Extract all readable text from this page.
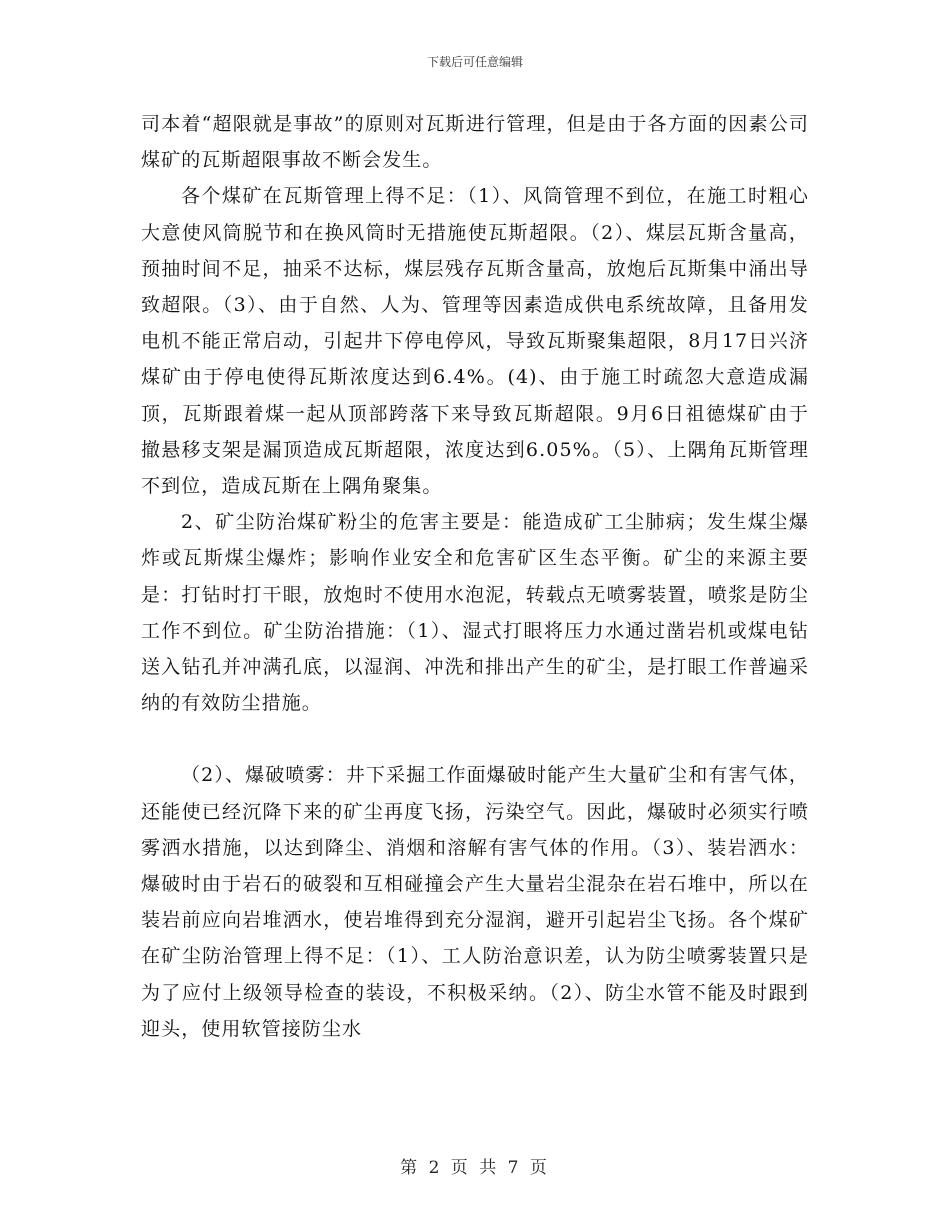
下载后可任意编辑

司本着“超限就是事故”的原则对瓦斯进行管理，但是由于各方面的因素公司煤矿的瓦斯超限事故不断会发生。

各个煤矿在瓦斯管理上得不足：（1）、风筒管理不到位，在施工时粗心大意使风筒脱节和在换风筒时无措施使瓦斯超限。（2）、煤层瓦斯含量高，预抽时间不足，抽采不达标，煤层残存瓦斯含量高，放炮后瓦斯集中涌出导致超限。（3）、由于自然、人为、管理等因素造成供电系统故障，且备用发电机不能正常启动，引起井下停电停风，导致瓦斯聚集超限，8月17日兴济煤矿由于停电使得瓦斯浓度达到6.4%。(4)、由于施工时疏忽大意造成漏顶，瓦斯跟着煤一起从顶部跨落下来导致瓦斯超限。9月6日祖德煤矿由于撤悬移支架是漏顶造成瓦斯超限，浓度达到6.05%。（5）、上隅角瓦斯管理不到位，造成瓦斯在上隅角聚集。

2、矿尘防治煤矿粉尘的危害主要是：能造成矿工尘肺病；发生煤尘爆炸或瓦斯煤尘爆炸；影响作业安全和危害矿区生态平衡。矿尘的来源主要是：打钻时打干眼，放炮时不使用水泡泥，转载点无喷雾装置，喷浆是防尘工作不到位。矿尘防治措施：（1）、湿式打眼将压力水通过凿岩机或煤电钻送入钻孔并冲满孔底，以湿润、冲洗和排出产生的矿尘，是打眼工作普遍采纳的有效防尘措施。

（2）、爆破喷雾：井下采掘工作面爆破时能产生大量矿尘和有害气体，还能使已经沉降下来的矿尘再度飞扬，污染空气。因此，爆破时必须实行喷雾洒水措施，以达到降尘、消烟和溶解有害气体的作用。（3）、装岩洒水：爆破时由于岩石的破裂和互相碰撞会产生大量岩尘混杂在岩石堆中，所以在装岩前应向岩堆洒水，使岩堆得到充分湿润，避开引起岩尘飞扬。各个煤矿在矿尘防治管理上得不足：（1）、工人防治意识差，认为防尘喷雾装置只是为了应付上级领导检查的装设，不积极采纳。（2）、防尘水管不能及时跟到迎头，使用软管接防尘水

第 2 页 共 7 页
